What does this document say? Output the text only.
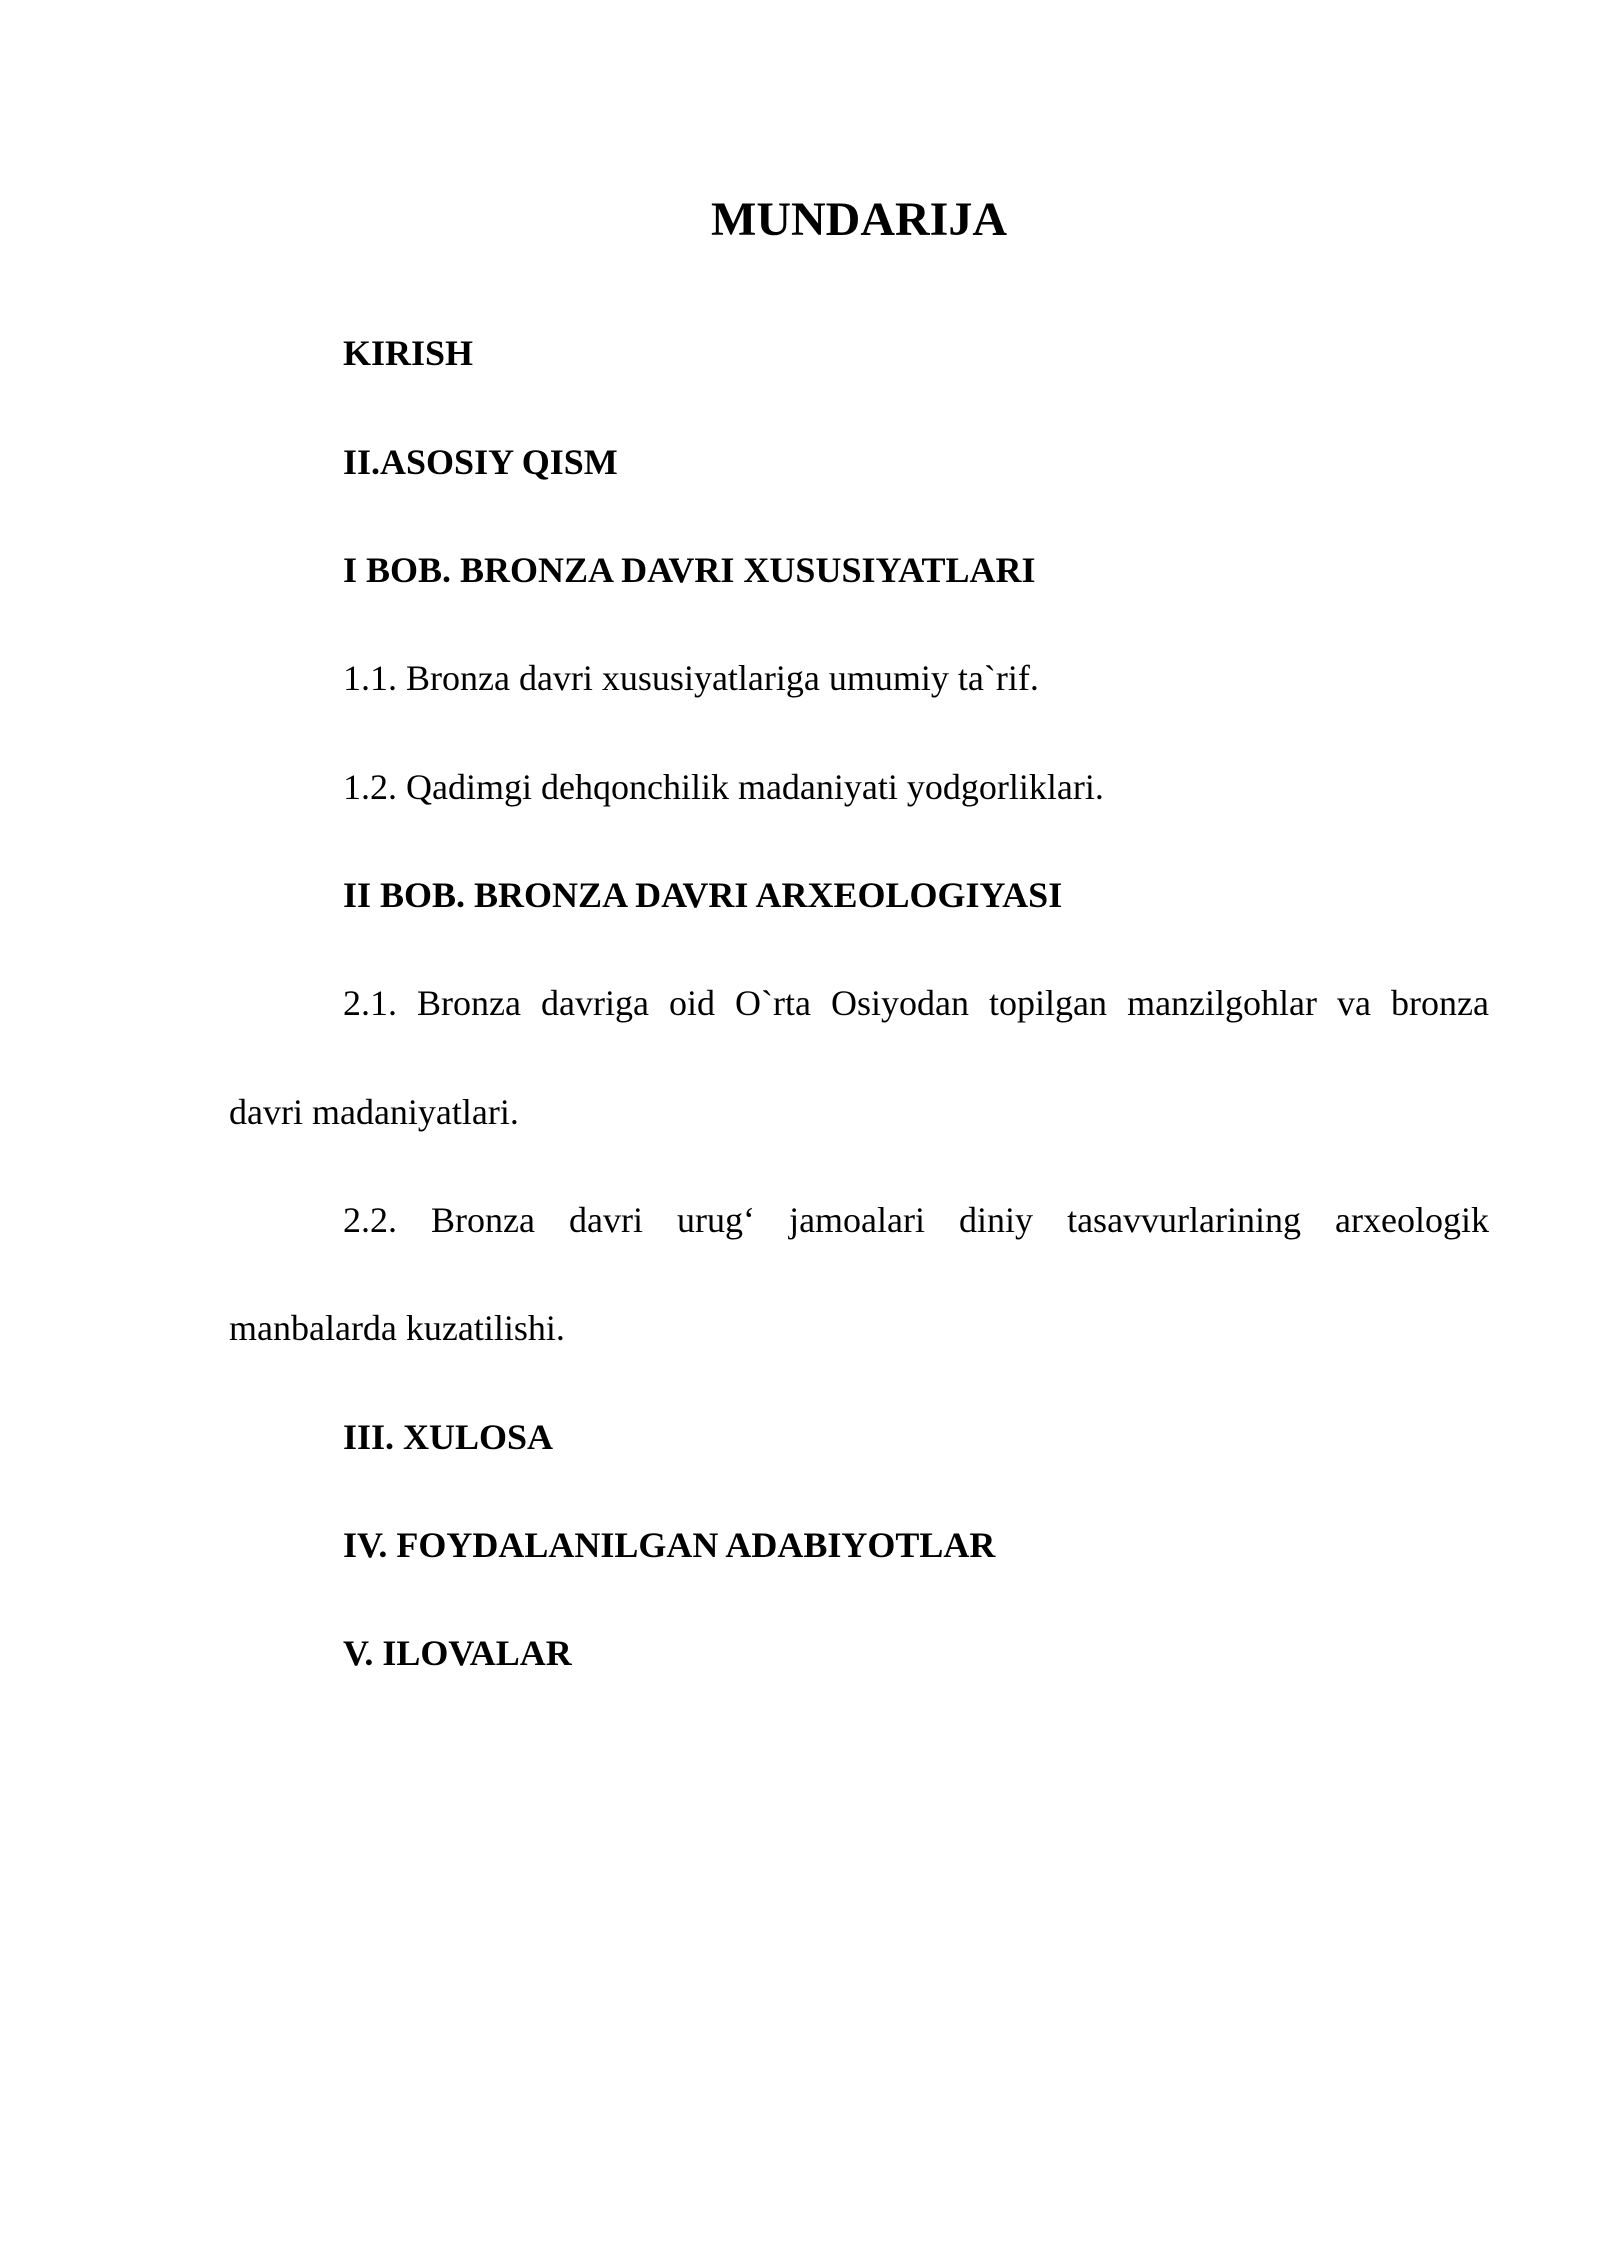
MUNDARIJA

KIRISH

II.ASOSIY QISM

I BOB. BRONZA DAVRI XUSUSIYATLARI

1.1. Bronza davri xususiyatlariga umumiy ta`rif.

1.2. Qadimgi dehqonchilik madaniyati yodgorliklari.

II BOB. BRONZA DAVRI ARXEOLOGIYASI

2.1. Bronza davriga oid O`rta Osiyodan topilgan manzilgohlar va bronza

davri madaniyatlari.

2.2. Bronza davri urug‘ jamoalari diniy tasavvurlarining arxeologik

manbalarda kuzatilishi.

III. XULOSA

IV. FOYDALANILGAN ADABIYOTLAR

V. ILOVALAR
